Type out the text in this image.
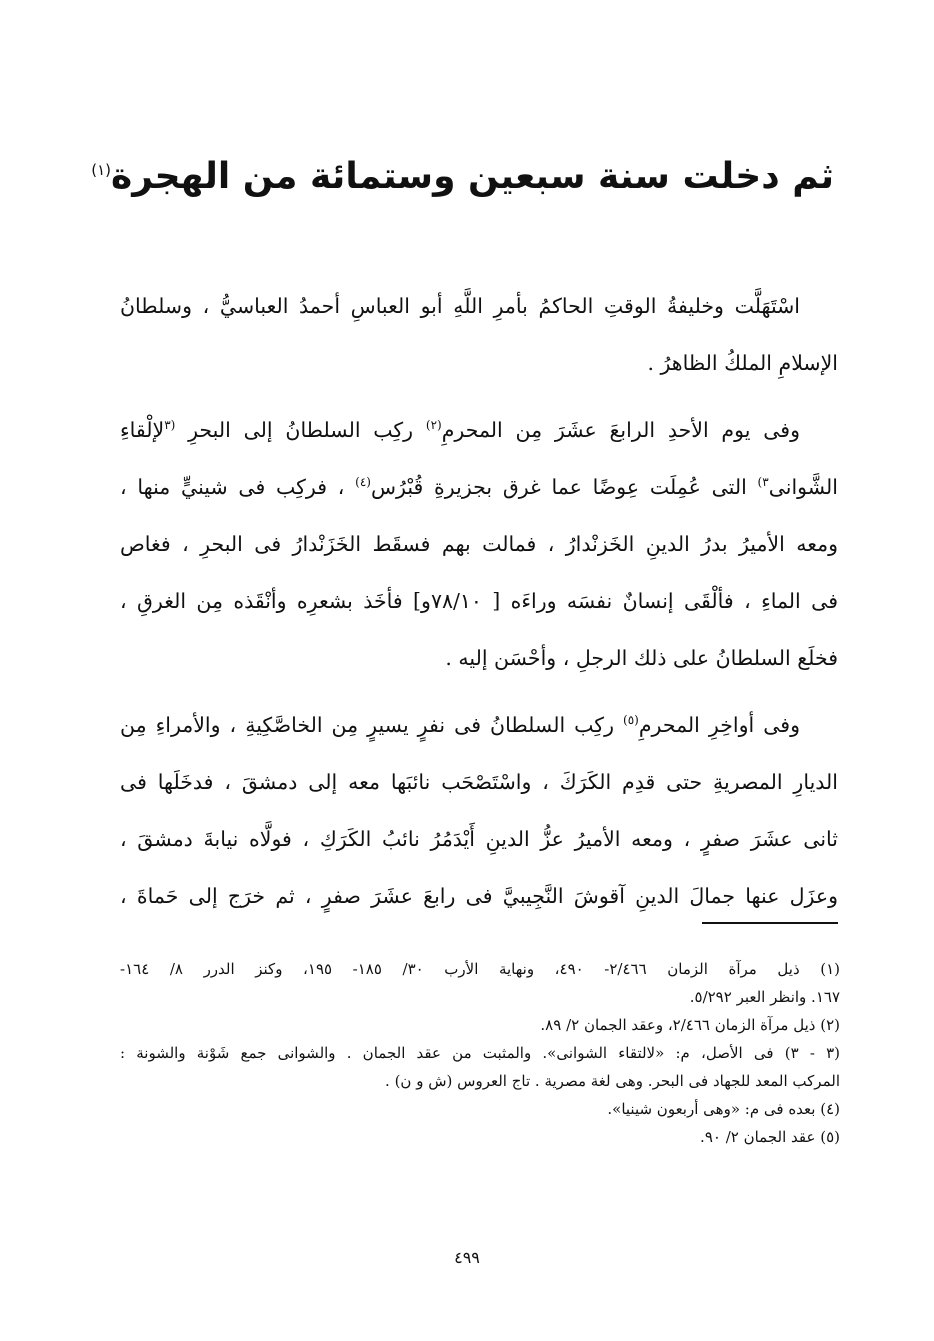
ثم دخلت سنة سبعين وستمائة من الهجرة$^{(١)}$
اسْتَهَلَّت وخليفةُ الوقتِ الحاكمُ بأمرِ اللَّهِ أبو العباسِ أحمدُ العباسيُّ ، وسلطانُ
الإسلامِ الملكُ الظاهرُ .
وفى يوم الأحدِ الرابعَ عشَرَ مِن المحرمِ$^{(٢)}$ ركِب السلطانُ إلى البحرِ $^{(٣}$لإلْقاءِ
الشَّوانى$^{٣)}$ التى عُمِلَت عِوضًا عما غرق بجزيرةِ قُبْرُس$^{(٤)}$ ، فركِب فى شينيٍّ منها ،
ومعه الأميرُ بدرُ الدينِ الخَزنْدارُ ، فمالت بهم فسقَط الخَزَنْدارُ فى البحرِ ، فغاص
فى الماءِ ، فألْقَى إنسانٌ نفسَه وراءَه [ ٧٨/١٠و] فأخَذ بشعرِه وأنْقَذه مِن الغرقِ ،
فخلَع السلطانُ على ذلك الرجلِ ، وأحْسَن إليه .
وفى أواخِرِ المحرمِ$^{(٥)}$ ركِب السلطانُ فى نفرٍ يسيرٍ مِن الخاصَّكِيةِ ، والأمراءِ مِن
الديارِ المصريةِ حتى قدِم الكَرَكَ ، واسْتَصْحَب نائبَها معه إلى دمشقَ ، فدخَلَها فى
ثانى عشَرَ صفرٍ ، ومعه الأميرُ عزُّ الدينِ أَيْدَمُرُ نائبُ الكَرَكِ ، فولَّاه نيابةَ دمشقَ ،
وعزَل عنها جمالَ الدينِ آقوشَ النَّجِيبيَّ فى رابعَ عشَرَ صفرٍ ، ثم خرَج إلى حَماةَ ،
(١) ذيل مرآة الزمان ٢/٤٦٦- ٤٩٠، ونهاية الأرب ٣٠/ ١٨٥- ١٩٥، وكنز الدرر ٨/ ١٦٤-
١٦٧. وانظر العبر ٥/٢٩٢.
(٢) ذيل مرآة الزمان ٢/٤٦٦، وعقد الجمان ٢/ ٨٩.
(٣ - ٣) فى الأصل، م: «لالتقاء الشوانى». والمثبت من عقد الجمان . والشوانى جمع شَوْنة والشونة :
المركب المعد للجهاد فى البحر. وهى لغة مصرية . تاج العروس (ش و ن) .
(٤) بعده فى م: «وهى أربعون شينيا».
(٥) عقد الجمان ٢/ ٩٠.
٤٩٩
